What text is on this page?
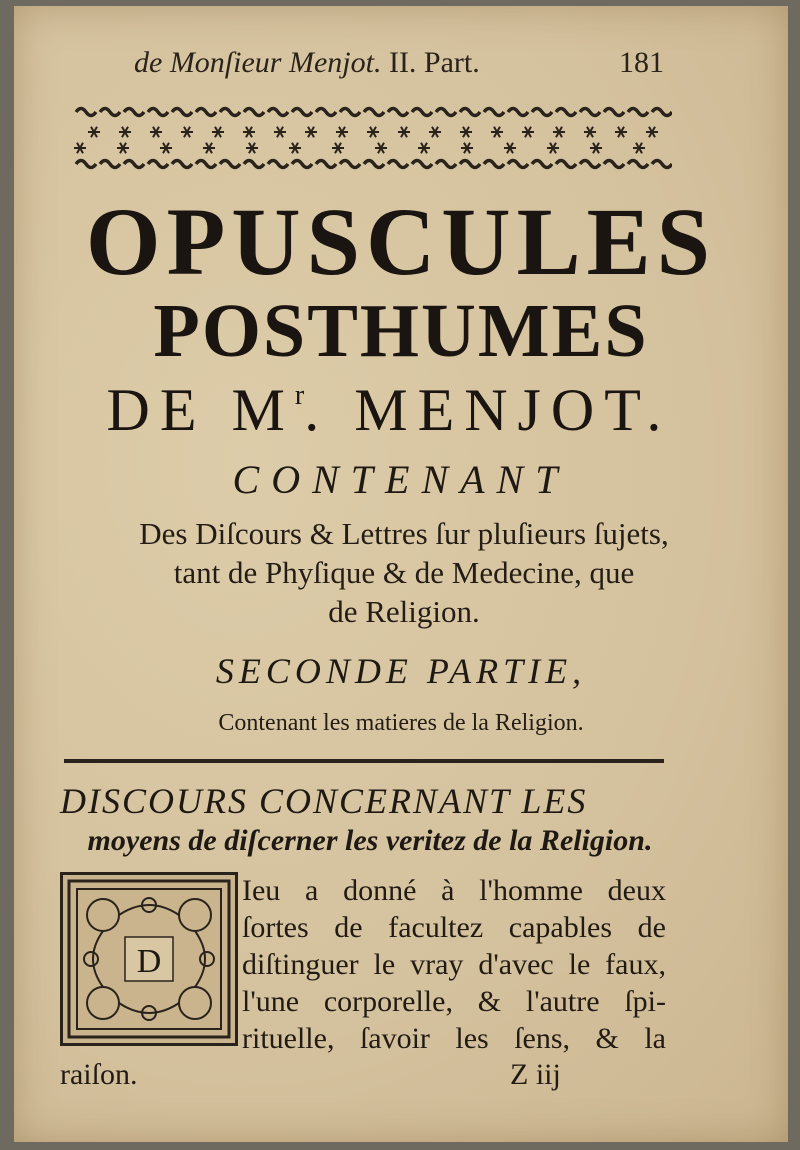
de Monſieur Menjot. II. Part.	181
OPUSCULES
POSTHUMES
DE $M^r$. MENJOT.
CONTENANT
Des Diſcours & Lettres ſur pluſieurs ſujets,
tant de Phyſique & de Medecine, que
de Religion.
SECONDE PARTIE,
Contenant les matieres de la Religion.
DISCOURS CONCERNANT LES
moyens de diſcerner les veritez de la Religion.
D
Ieu a donné à l'homme deux
ſortes de facultez capables de
diſtinguer le vray d'avec le faux,
l'une corporelle, & l'autre ſpi-
rituelle, ſavoir les ſens, & la
raiſon.	Z iij
